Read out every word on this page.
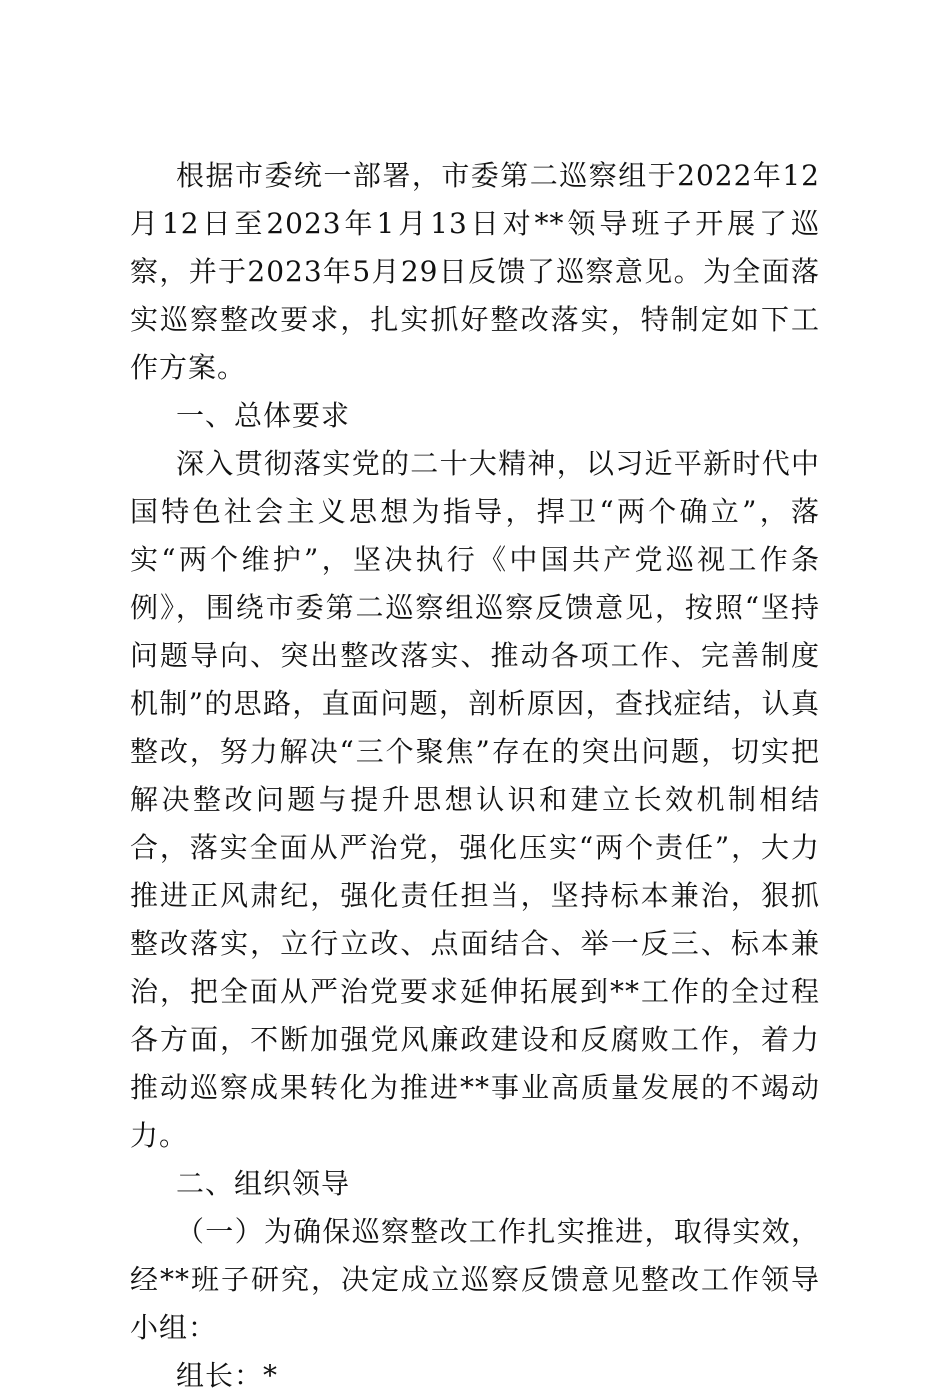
根据市委统一部署，市委第二巡察组于2022年12月12日至2023年1月13日对**领导班子开展了巡察，并于2023年5月29日反馈了巡察意见。为全面落实巡察整改要求，扎实抓好整改落实，特制定如下工作方案。

一、总体要求

深入贯彻落实党的二十大精神，以习近平新时代中国特色社会主义思想为指导，捍卫“两个确立”，落实“两个维护”，坚决执行《中国共产党巡视工作条例》，围绕市委第二巡察组巡察反馈意见，按照“坚持问题导向、突出整改落实、推动各项工作、完善制度机制”的思路，直面问题，剖析原因，查找症结，认真整改，努力解决“三个聚焦”存在的突出问题，切实把解决整改问题与提升思想认识和建立长效机制相结合，落实全面从严治党，强化压实“两个责任”，大力推进正风肃纪，强化责任担当，坚持标本兼治，狠抓整改落实，立行立改、点面结合、举一反三、标本兼治，把全面从严治党要求延伸拓展到**工作的全过程各方面，不断加强党风廉政建设和反腐败工作，着力推动巡察成果转化为推进**事业高质量发展的不竭动力。

二、组织领导

（一）为确保巡察整改工作扎实推进，取得实效，经**班子研究，决定成立巡察反馈意见整改工作领导小组：

组长：*
